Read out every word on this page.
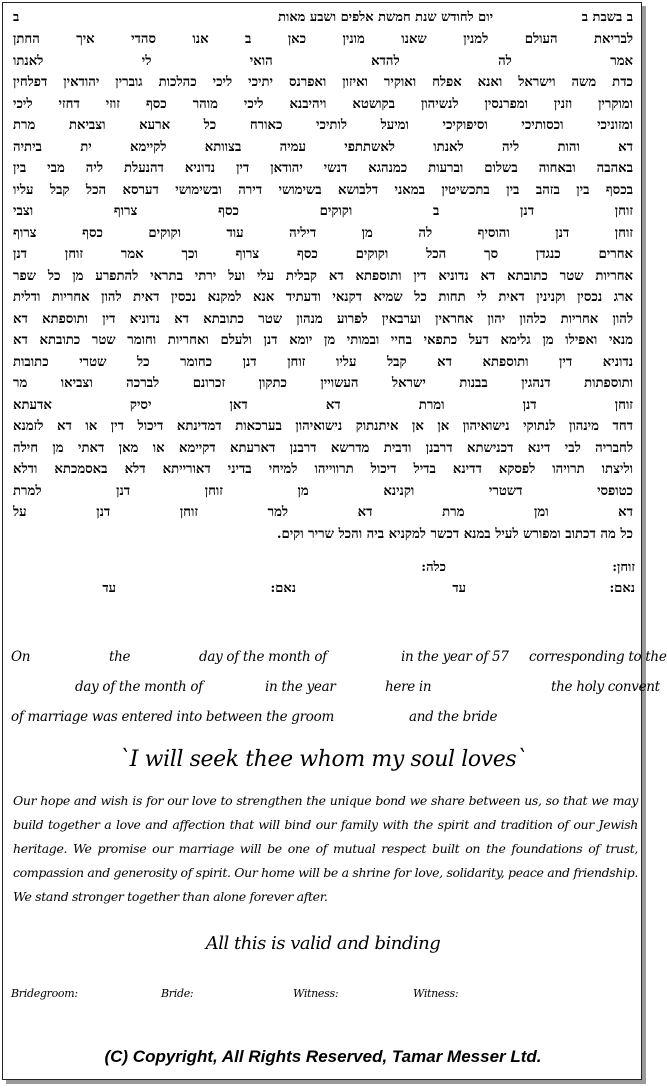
ב בשבת ב
יום לחודש שנת חמשת אלפים ושבע מאות
ב
לבריאת העולם למנין שאנו מונין כאן ב אנו סהדי איך החתן
אמר לה להדא הואי לי לאנתו
כדת משה וישראל ואנא אפלח ואוקיר ואיזון ואפרנס יתיכי ליכי כהלכות גוברין יהודאין דפלחין
ומוקרין וזנין ומפרנסין לנשיהון בקושטא ויהיבנא ליכי מוהר כסף זוזי דחזי ליכי
ומזוניכי וכסותיכי וסיפוקיכי ומיעל לותיכי כאורח כל ארעא וצביאת מרת
דא והות ליה לאנתו לאשתתפי עמיה בצוותא לקיימא ית ביתיה
באהבה ובאחוה בשלום וברעות כמנהגא דנשי יהודאן דין נדוניא דהנעלת ליה מבי בין
בכסף בין בזהב בין בתכשיטין במאני דלבושא בשימושי דירה ובשימושי דערסא הכל קבל עליו
זוחן דנן ב וקוקים כסף צרוף וצבי
זוחן דנן והוסיף לה מן דיליה עוד וקוקים כסף צרוף
אחרים כנגדן סך הכל וקוקים כסף צרוף וכך אמר זוחן דנן
אחריות שטר כתובתא דא נדוניא דין ותוספתא דא קבלית עלי ועל ירתי בתראי להתפרע מן כל שפר
ארג נכסין וקנינין דאית לי תחות כל שמיא דקנאי ודעתיד אנא למקנא נכסין דאית להון אחריות ודלית
להון אחריות כלהון יהון אחראין וערבאין לפרוע מנהון שטר כתובתא דא נדוניא דין ותוספתא דא
מנאי ואפילו מן גלימא דעל כתפאי בחיי ובמותי מן יומא דנן ולעלם ואחריות וחומר שטר כתובתא דא
נדוניא דין ותוספתא דא קבל עליו זוחן דנן כחומר כל שטרי כתובות
ותוספתות דנהגין בבנות ישראל העשויין כתקון זכרונם לברכה וצביאו מר
זוחן דנן ומרת דא דאן יסיק אדעתא
דחד מינהון לנתוקי נישואיהון אן אן איתנתוק נישואיהון בערכאות דמדינתא דיכול דין או דא לזמנא
לחבריה לבי דינא דכנישתא דרבנן ודבית מדרשא דרבנן דארעתא דקיימא או מאן דאתי מן חילה
וליצתו תרויהו לפסקא דדינא בדיל דיכול תרווייהו למיחי בדיני דאורייתא דלא באסמכתא ודלא
כטופסי דשטרי וקנינא מן זוחן דנן למרת
דא ומן מרת דא למר זוחן דנן על
כל מה דכתוב ומפורש לעיל במנא דכשר למקניא ביה והכל שריר וקים.
זוחן:
כלה:
נאם:
עד
נאם:
עד
On	the	day of the month of	in the year of 57 corresponding to the
day of the month of	in the year	here in	the holy convent
of marriage was entered into between the groom	and the bride
`I will seek thee whom my soul loves`
Our hope and wish is for our love to strengthen the unique bond we share between us, so that we may build together a love and affection that will bind our family with the spirit and tradition of our Jewish heritage. We promise our marriage will be one of mutual respect built on the foundations of trust, compassion and generosity of spirit. Our home will be a shrine for love, solidarity, peace and friendship. We stand stronger together than alone forever after.
All this is valid and binding
Bridegroom:	Bride:	Witness:	Witness:
(C) Copyright, All Rights Reserved, Tamar Messer Ltd.
